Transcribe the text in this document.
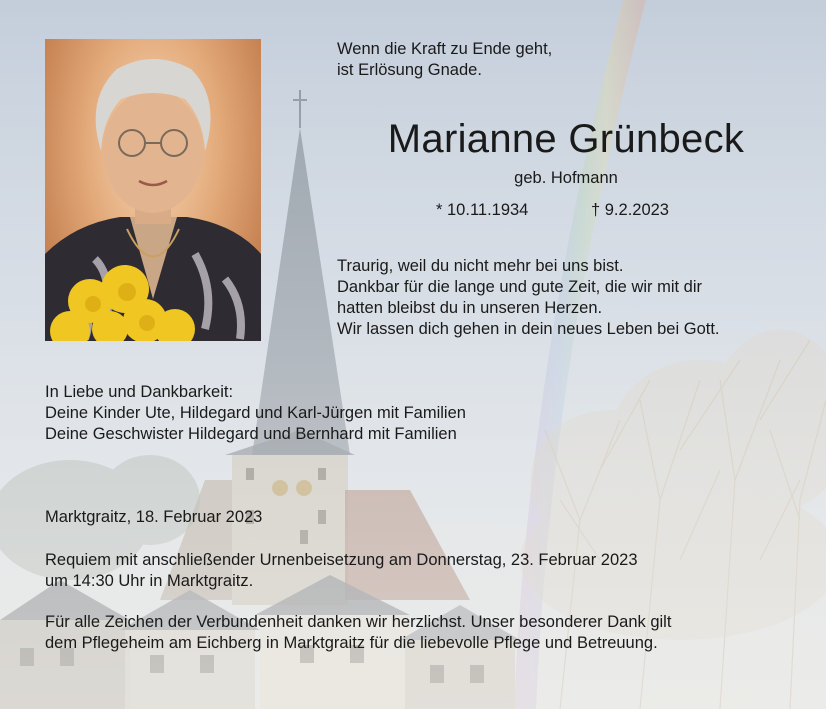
Wenn die Kraft zu Ende geht,
ist Erlösung Gnade.
Marianne Grünbeck
geb. Hofmann
* 10.11.1934	† 9.2.2023
Traurig, weil du nicht mehr bei uns bist.
Dankbar für die lange und gute Zeit, die wir mit dir
hatten bleibst du in unseren Herzen.
Wir lassen dich gehen in dein neues Leben bei Gott.
In Liebe und Dankbarkeit:
Deine Kinder Ute, Hildegard und Karl-Jürgen mit Familien
Deine Geschwister Hildegard und Bernhard mit Familien
Marktgraitz, 18. Februar 2023
Requiem mit anschließender Urnenbeisetzung am Donnerstag, 23. Februar 2023
um 14:30 Uhr in Marktgraitz.
Für alle Zeichen der Verbundenheit danken wir herzlichst. Unser besonderer Dank gilt
dem Pflegeheim am Eichberg in Marktgraitz für die liebevolle Pflege und Betreuung.
